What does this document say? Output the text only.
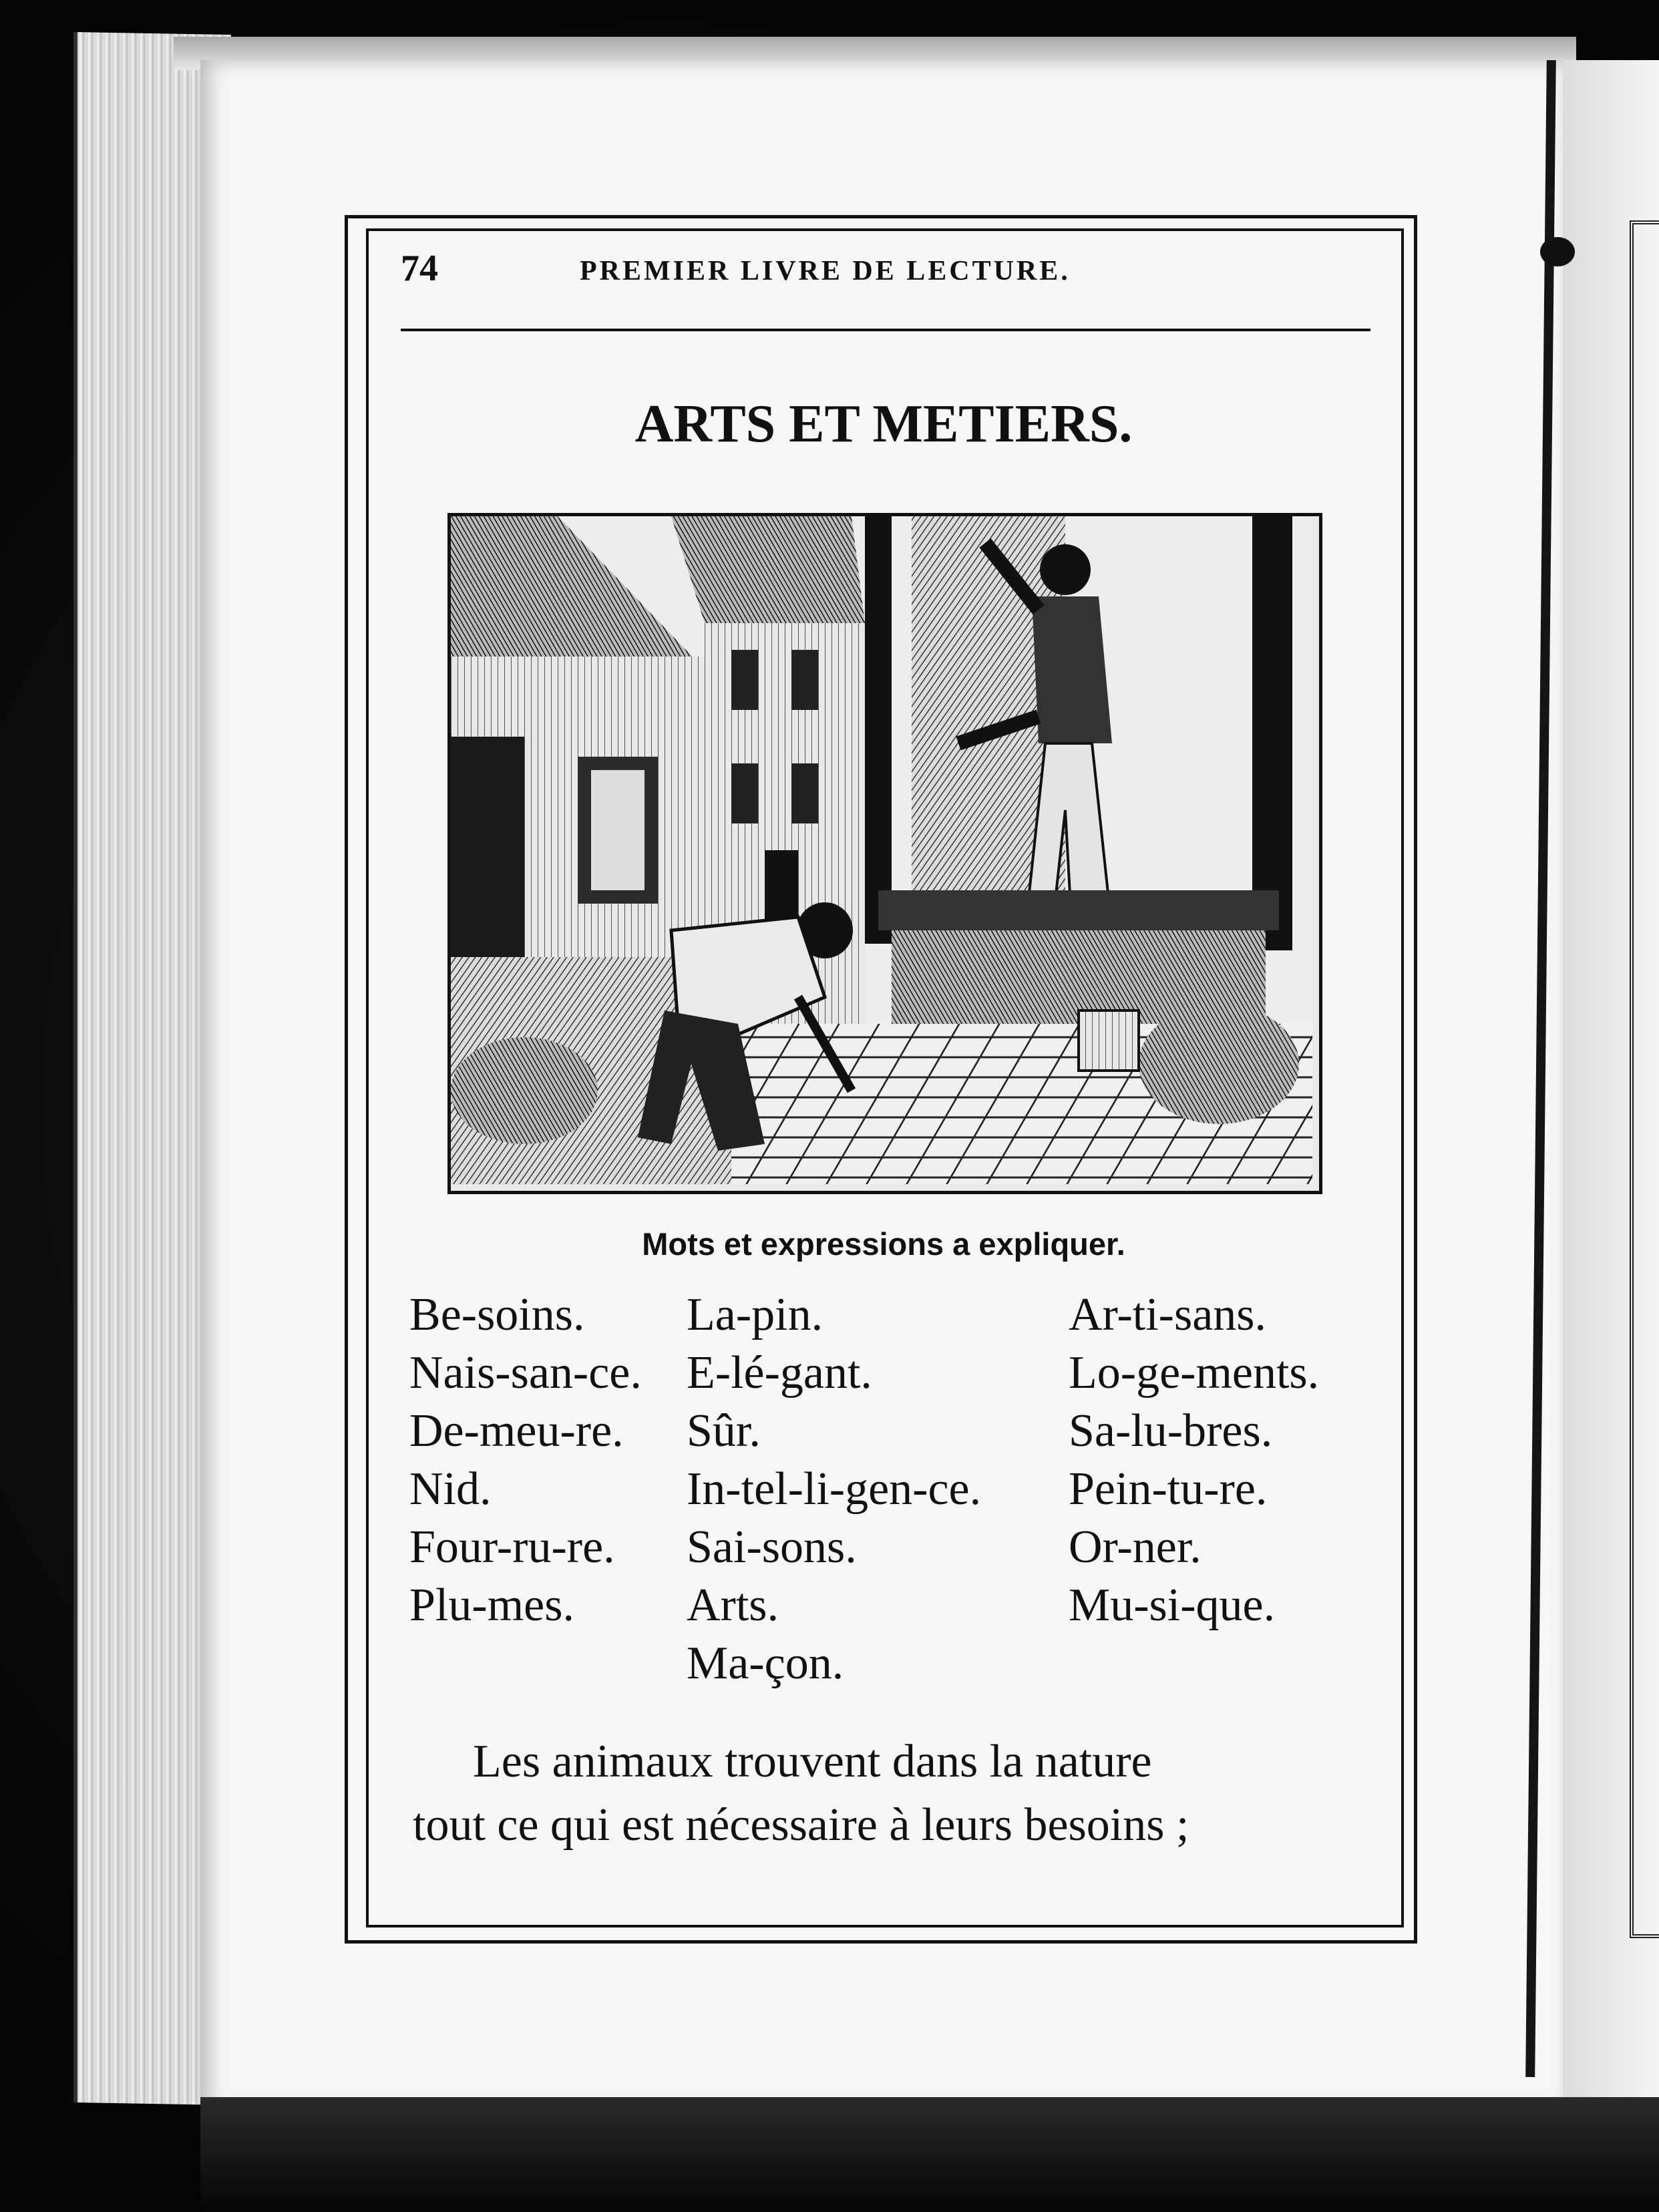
74	PREMIER LIVRE DE LECTURE.
ARTS ET METIERS.
Mots et expressions a expliquer.
Be-soins.
Nais-san-ce.
De-meu-re.
Nid.
Four-ru-re.
Plu-mes.
La-pin.
E-lé-gant.
Sûr.
In-tel-li-gen-ce.
Sai-sons.
Arts.
Ma-çon.
Ar-ti-sans.
Lo-ge-ments.
Sa-lu-bres.
Pein-tu-re.
Or-ner.
Mu-si-que.
Les animaux trouvent dans la nature
tout ce qui est nécessaire à leurs besoins ;
